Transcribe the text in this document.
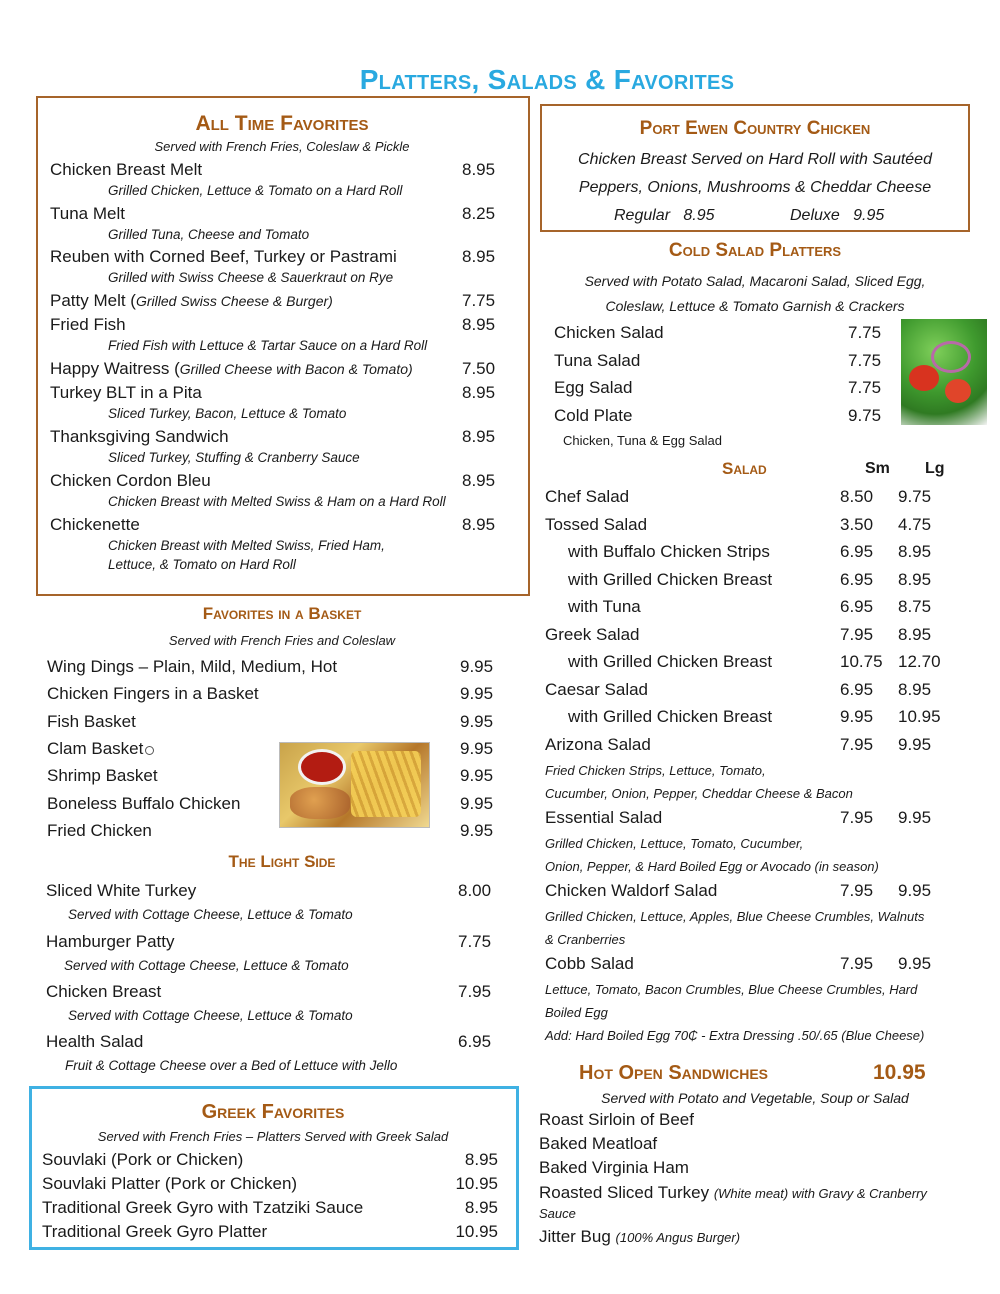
Platters, Salads & Favorites
All Time Favorites
Served with French Fries, Coleslaw & Pickle
Chicken Breast Melt	8.95
Grilled Chicken, Lettuce & Tomato on a Hard Roll
Tuna Melt	8.25
Grilled Tuna, Cheese and Tomato
Reuben with Corned Beef, Turkey or Pastrami	8.95
Grilled with Swiss Cheese & Sauerkraut on Rye
Patty Melt (Grilled Swiss Cheese & Burger)	7.75
Fried Fish	8.95
Fried Fish with Lettuce & Tartar Sauce on a Hard Roll
Happy Waitress (Grilled Cheese with Bacon & Tomato)	7.50
Turkey BLT in a Pita	8.95
Sliced Turkey, Bacon, Lettuce & Tomato
Thanksgiving Sandwich	8.95
Sliced Turkey, Stuffing & Cranberry Sauce
Chicken Cordon Bleu	8.95
Chicken Breast with Melted Swiss & Ham on a Hard Roll
Chickenette	8.95
Chicken Breast with Melted Swiss, Fried Ham,
Lettuce, & Tomato on Hard Roll
Favorites in a Basket
Served with French Fries and Coleslaw
Wing Dings – Plain, Mild, Medium, Hot	9.95
Chicken Fingers in a Basket	9.95
Fish Basket	9.95
Clam Basket	9.95
Shrimp Basket	9.95
Boneless Buffalo Chicken	9.95
Fried Chicken	9.95
The Light Side
Sliced White Turkey	8.00
Served with Cottage Cheese, Lettuce & Tomato
Hamburger Patty	7.75
Served with Cottage Cheese, Lettuce & Tomato
Chicken Breast	7.95
Served with Cottage Cheese, Lettuce & Tomato
Health Salad	6.95
Fruit & Cottage Cheese over a Bed of Lettuce with Jello
Greek Favorites
Served with French Fries – Platters Served with Greek Salad
Souvlaki (Pork or Chicken)	8.95
Souvlaki Platter (Pork or Chicken)	10.95
Traditional Greek Gyro with Tzatziki Sauce	8.95
Traditional Greek Gyro Platter	10.95
Port Ewen Country Chicken
Chicken Breast Served on Hard Roll with Sautéed
Peppers, Onions, Mushrooms & Cheddar Cheese
Regular   8.95	Deluxe   9.95
Cold Salad Platters
Served with Potato Salad, Macaroni Salad, Sliced Egg,
Coleslaw, Lettuce & Tomato Garnish & Crackers
Chicken Salad	7.75
Tuna Salad	7.75
Egg Salad	7.75
Cold Plate	9.75
Chicken, Tuna & Egg Salad
Salad	Sm Lg
Chef Salad	8.50 9.75
Tossed Salad	3.50 4.75
with Buffalo Chicken Strips	6.95 8.95
with Grilled Chicken Breast	6.95 8.95
with Tuna	6.95 8.75
Greek Salad	7.95 8.95
with Grilled Chicken Breast	10.75 12.70
Caesar Salad	6.95 8.95
with Grilled Chicken Breast	9.95 10.95
Arizona Salad	7.95 9.95
Fried Chicken Strips, Lettuce, Tomato,
Cucumber, Onion, Pepper, Cheddar Cheese & Bacon
Essential Salad	7.95 9.95
Grilled Chicken, Lettuce, Tomato, Cucumber,
Onion, Pepper, & Hard Boiled Egg or Avocado (in season)
Chicken Waldorf Salad	7.95 9.95
Grilled Chicken, Lettuce, Apples, Blue Cheese Crumbles, Walnuts
& Cranberries
Cobb Salad	7.95 9.95
Lettuce, Tomato, Bacon Crumbles, Blue Cheese Crumbles, Hard
Boiled Egg
Add: Hard Boiled Egg 70₵ - Extra Dressing .50/.65 (Blue Cheese)
Hot Open Sandwiches	10.95
Served with Potato and Vegetable, Soup or Salad
Roast Sirloin of Beef
Baked Meatloaf
Baked Virginia Ham
Roasted Sliced Turkey (White meat) with Gravy & Cranberry
Sauce
Jitter Bug (100% Angus Burger)
